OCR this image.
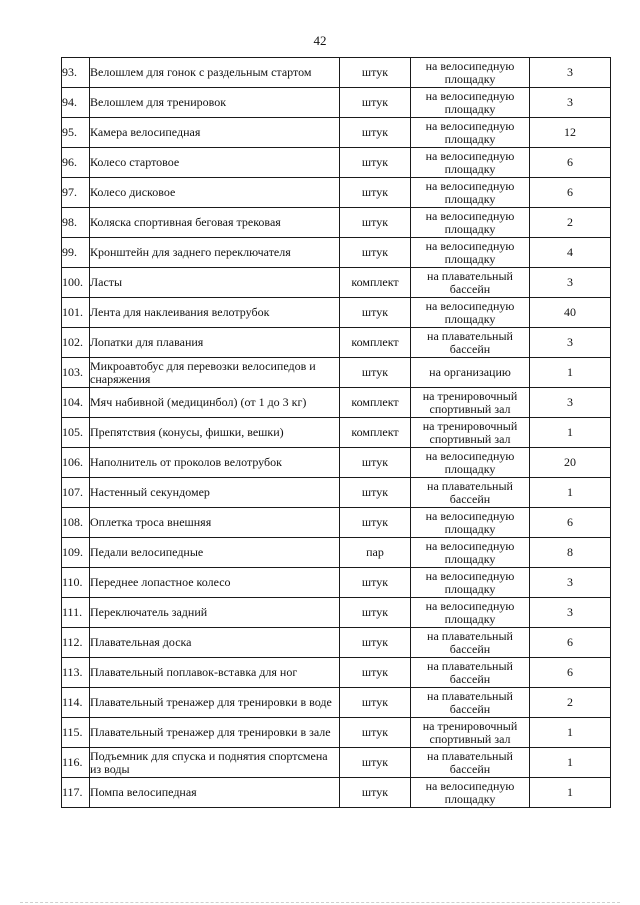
42
93.	Велошлем для гонок с раздельным стартом	штук	на велосипедную площадку	3
94.	Велошлем для тренировок	штук	на велосипедную площадку	3
95.	Камера велосипедная	штук	на велосипедную площадку	12
96.	Колесо стартовое	штук	на велосипедную площадку	6
97.	Колесо дисковое	штук	на велосипедную площадку	6
98.	Коляска спортивная беговая трековая	штук	на велосипедную площадку	2
99.	Кронштейн для заднего переключателя	штук	на велосипедную площадку	4
100.	Ласты	комплект	на плавательный бассейн	3
101.	Лента для наклеивания велотрубок	штук	на велосипедную площадку	40
102.	Лопатки для плавания	комплект	на плавательный бассейн	3
103.	Микроавтобус для перевозки велосипедов и снаряжения	штук	на организацию	1
104.	Мяч набивной (медицинбол) (от 1 до 3 кг)	комплект	на тренировочный спортивный зал	3
105.	Препятствия (конусы, фишки, вешки)	комплект	на тренировочный спортивный зал	1
106.	Наполнитель от проколов велотрубок	штук	на велосипедную площадку	20
107.	Настенный секундомер	штук	на плавательный бассейн	1
108.	Оплетка троса внешняя	штук	на велосипедную площадку	6
109.	Педали велосипедные	пар	на велосипедную площадку	8
110.	Переднее лопастное колесо	штук	на велосипедную площадку	3
111.	Переключатель задний	штук	на велосипедную площадку	3
112.	Плавательная доска	штук	на плавательный бассейн	6
113.	Плавательный поплавок-вставка для ног	штук	на плавательный бассейн	6
114.	Плавательный тренажер для тренировки в воде	штук	на плавательный бассейн	2
115.	Плавательный тренажер для тренировки в зале	штук	на тренировочный спортивный зал	1
116.	Подъемник для спуска и поднятия спортсмена из воды	штук	на плавательный бассейн	1
117.	Помпа велосипедная	штук	на велосипедную площадку	1
